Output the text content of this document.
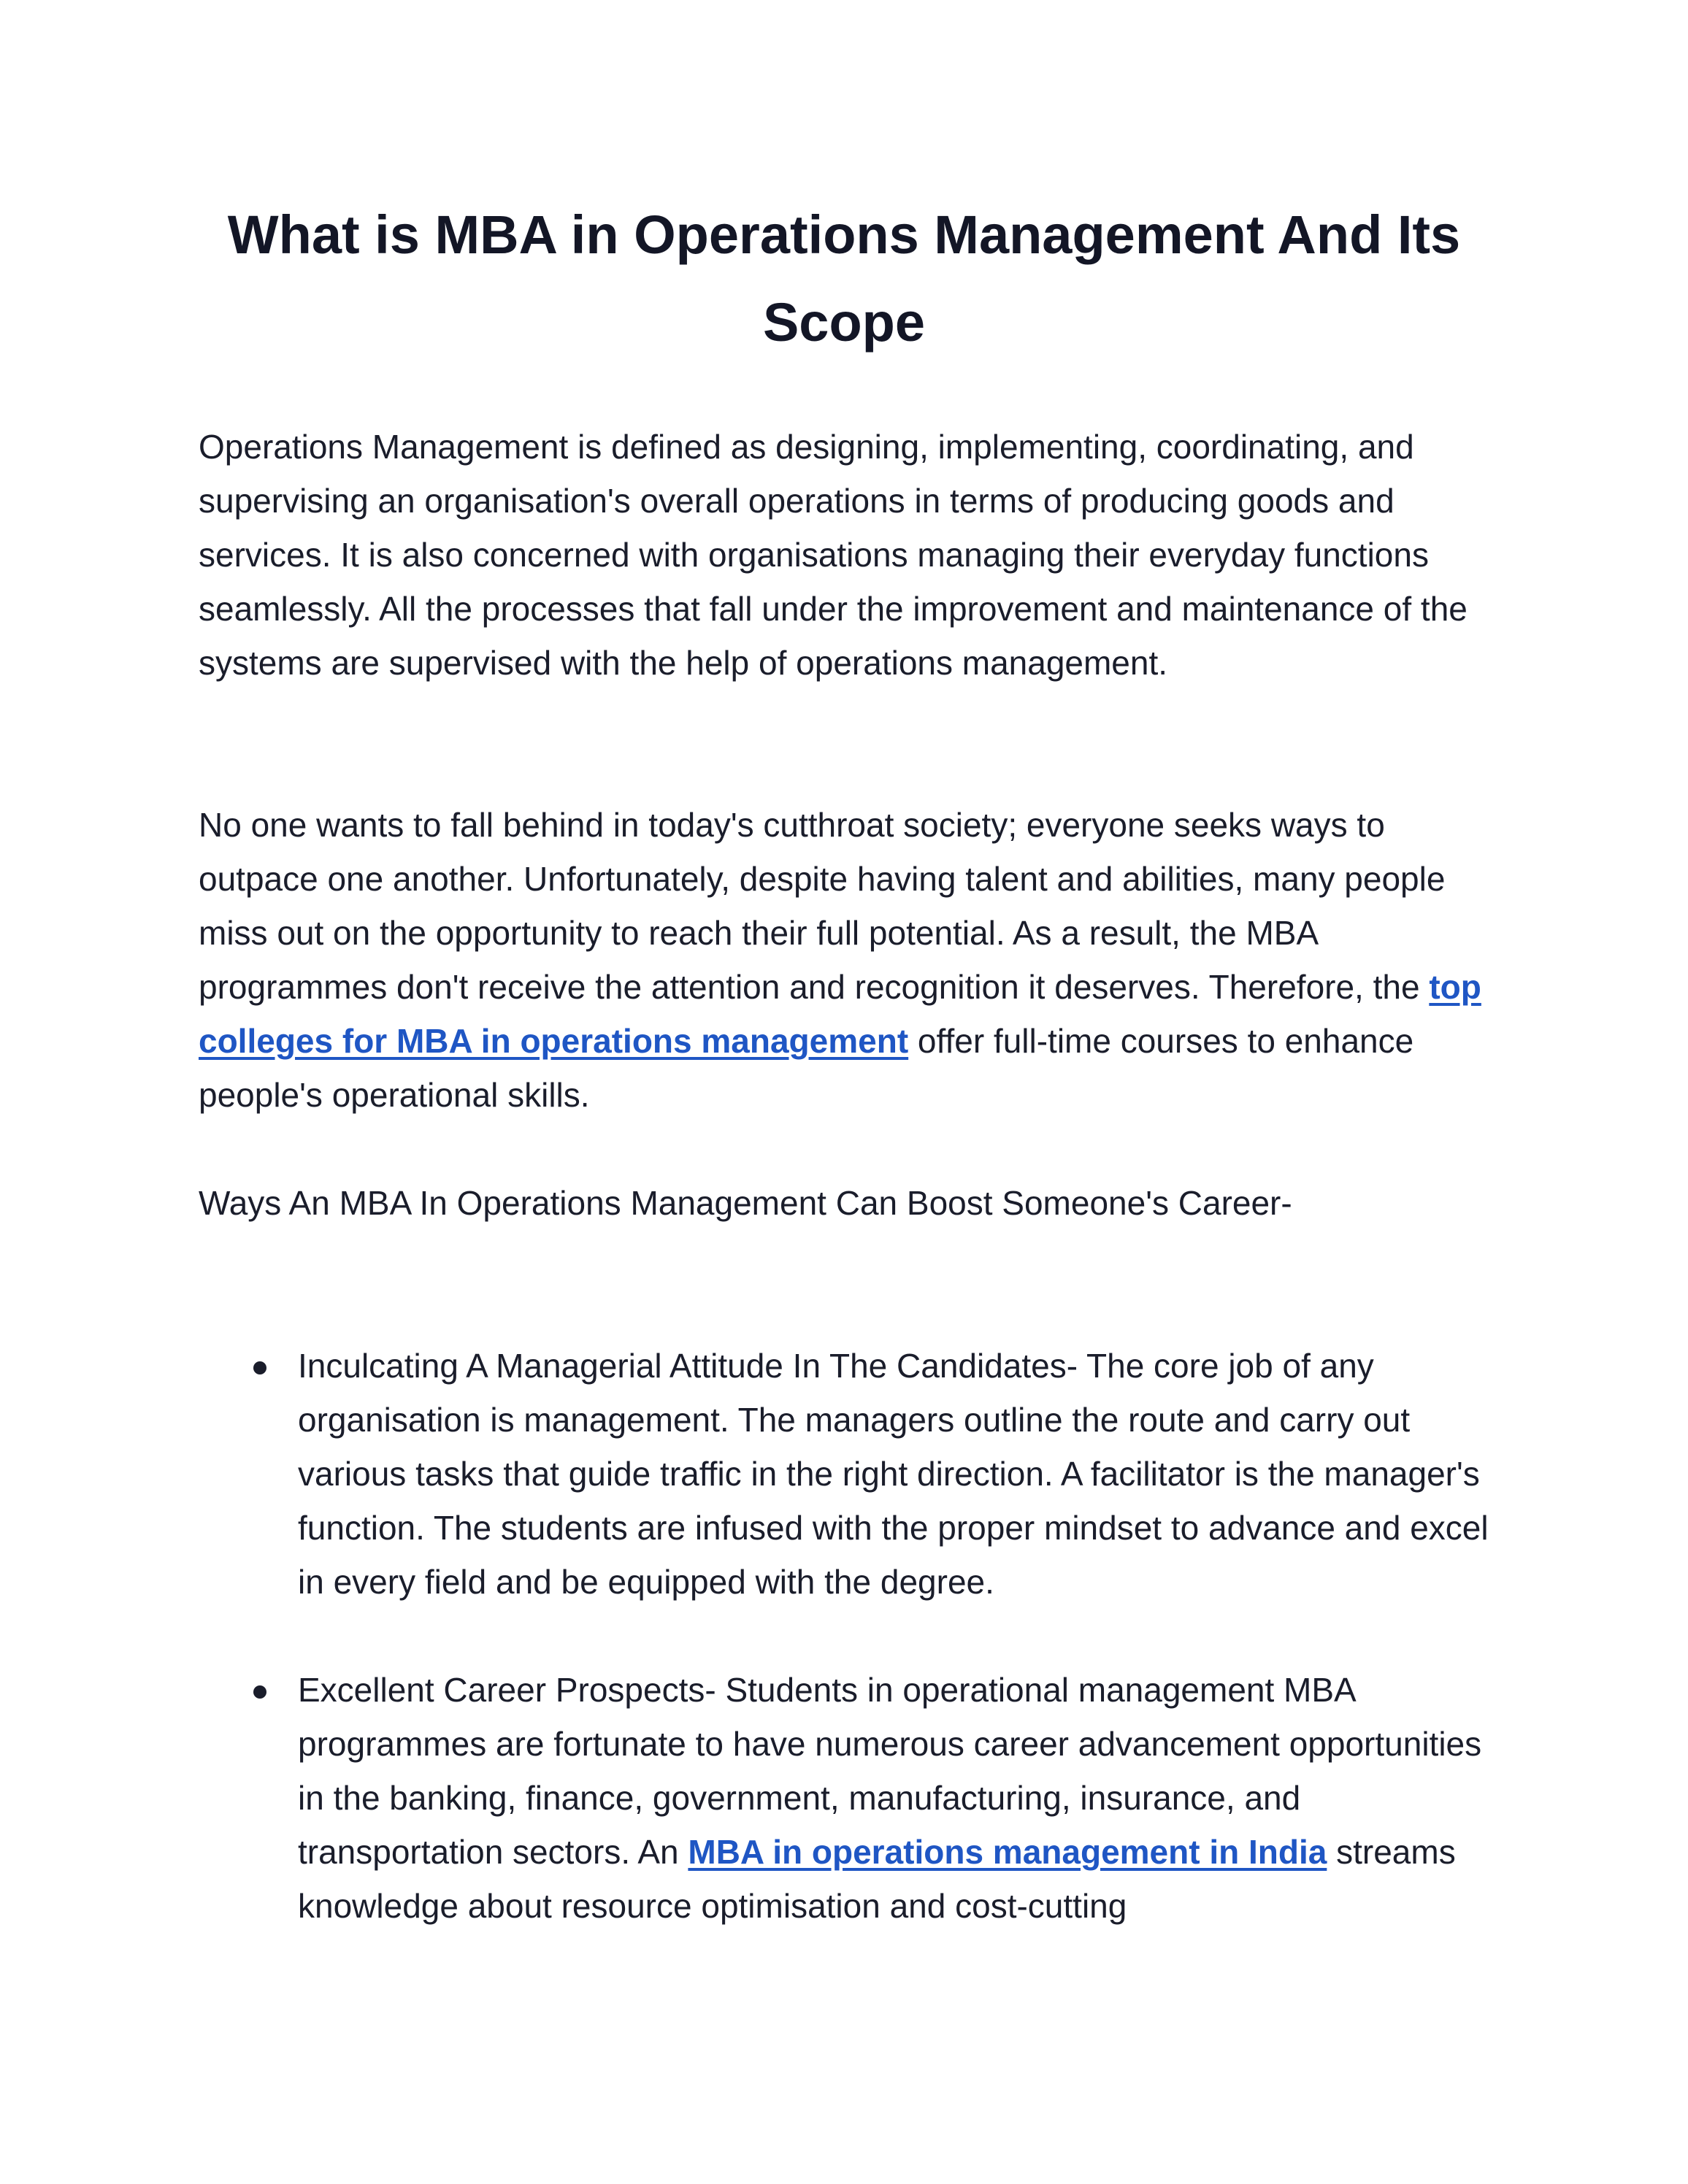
What is MBA in Operations Management And Its Scope

Operations Management is defined as designing, implementing, coordinating, and supervising an organisation's overall operations in terms of producing goods and services. It is also concerned with organisations managing their everyday functions seamlessly. All the processes that fall under the improvement and maintenance of the systems are supervised with the help of operations management.

No one wants to fall behind in today's cutthroat society; everyone seeks ways to outpace one another. Unfortunately, despite having talent and abilities, many people miss out on the opportunity to reach their full potential. As a result, the MBA programmes don't receive the attention and recognition it deserves. Therefore, the top colleges for MBA in operations management offer full-time courses to enhance people's operational skills.

Ways An MBA In Operations Management Can Boost Someone's Career-

Inculcating A Managerial Attitude In The Candidates- The core job of any organisation is management. The managers outline the route and carry out various tasks that guide traffic in the right direction. A facilitator is the manager's function. The students are infused with the proper mindset to advance and excel in every field and be equipped with the degree.

Excellent Career Prospects- Students in operational management MBA programmes are fortunate to have numerous career advancement opportunities in the banking, finance, government, manufacturing, insurance, and transportation sectors. An MBA in operations management in India streams knowledge about resource optimisation and cost-cutting
